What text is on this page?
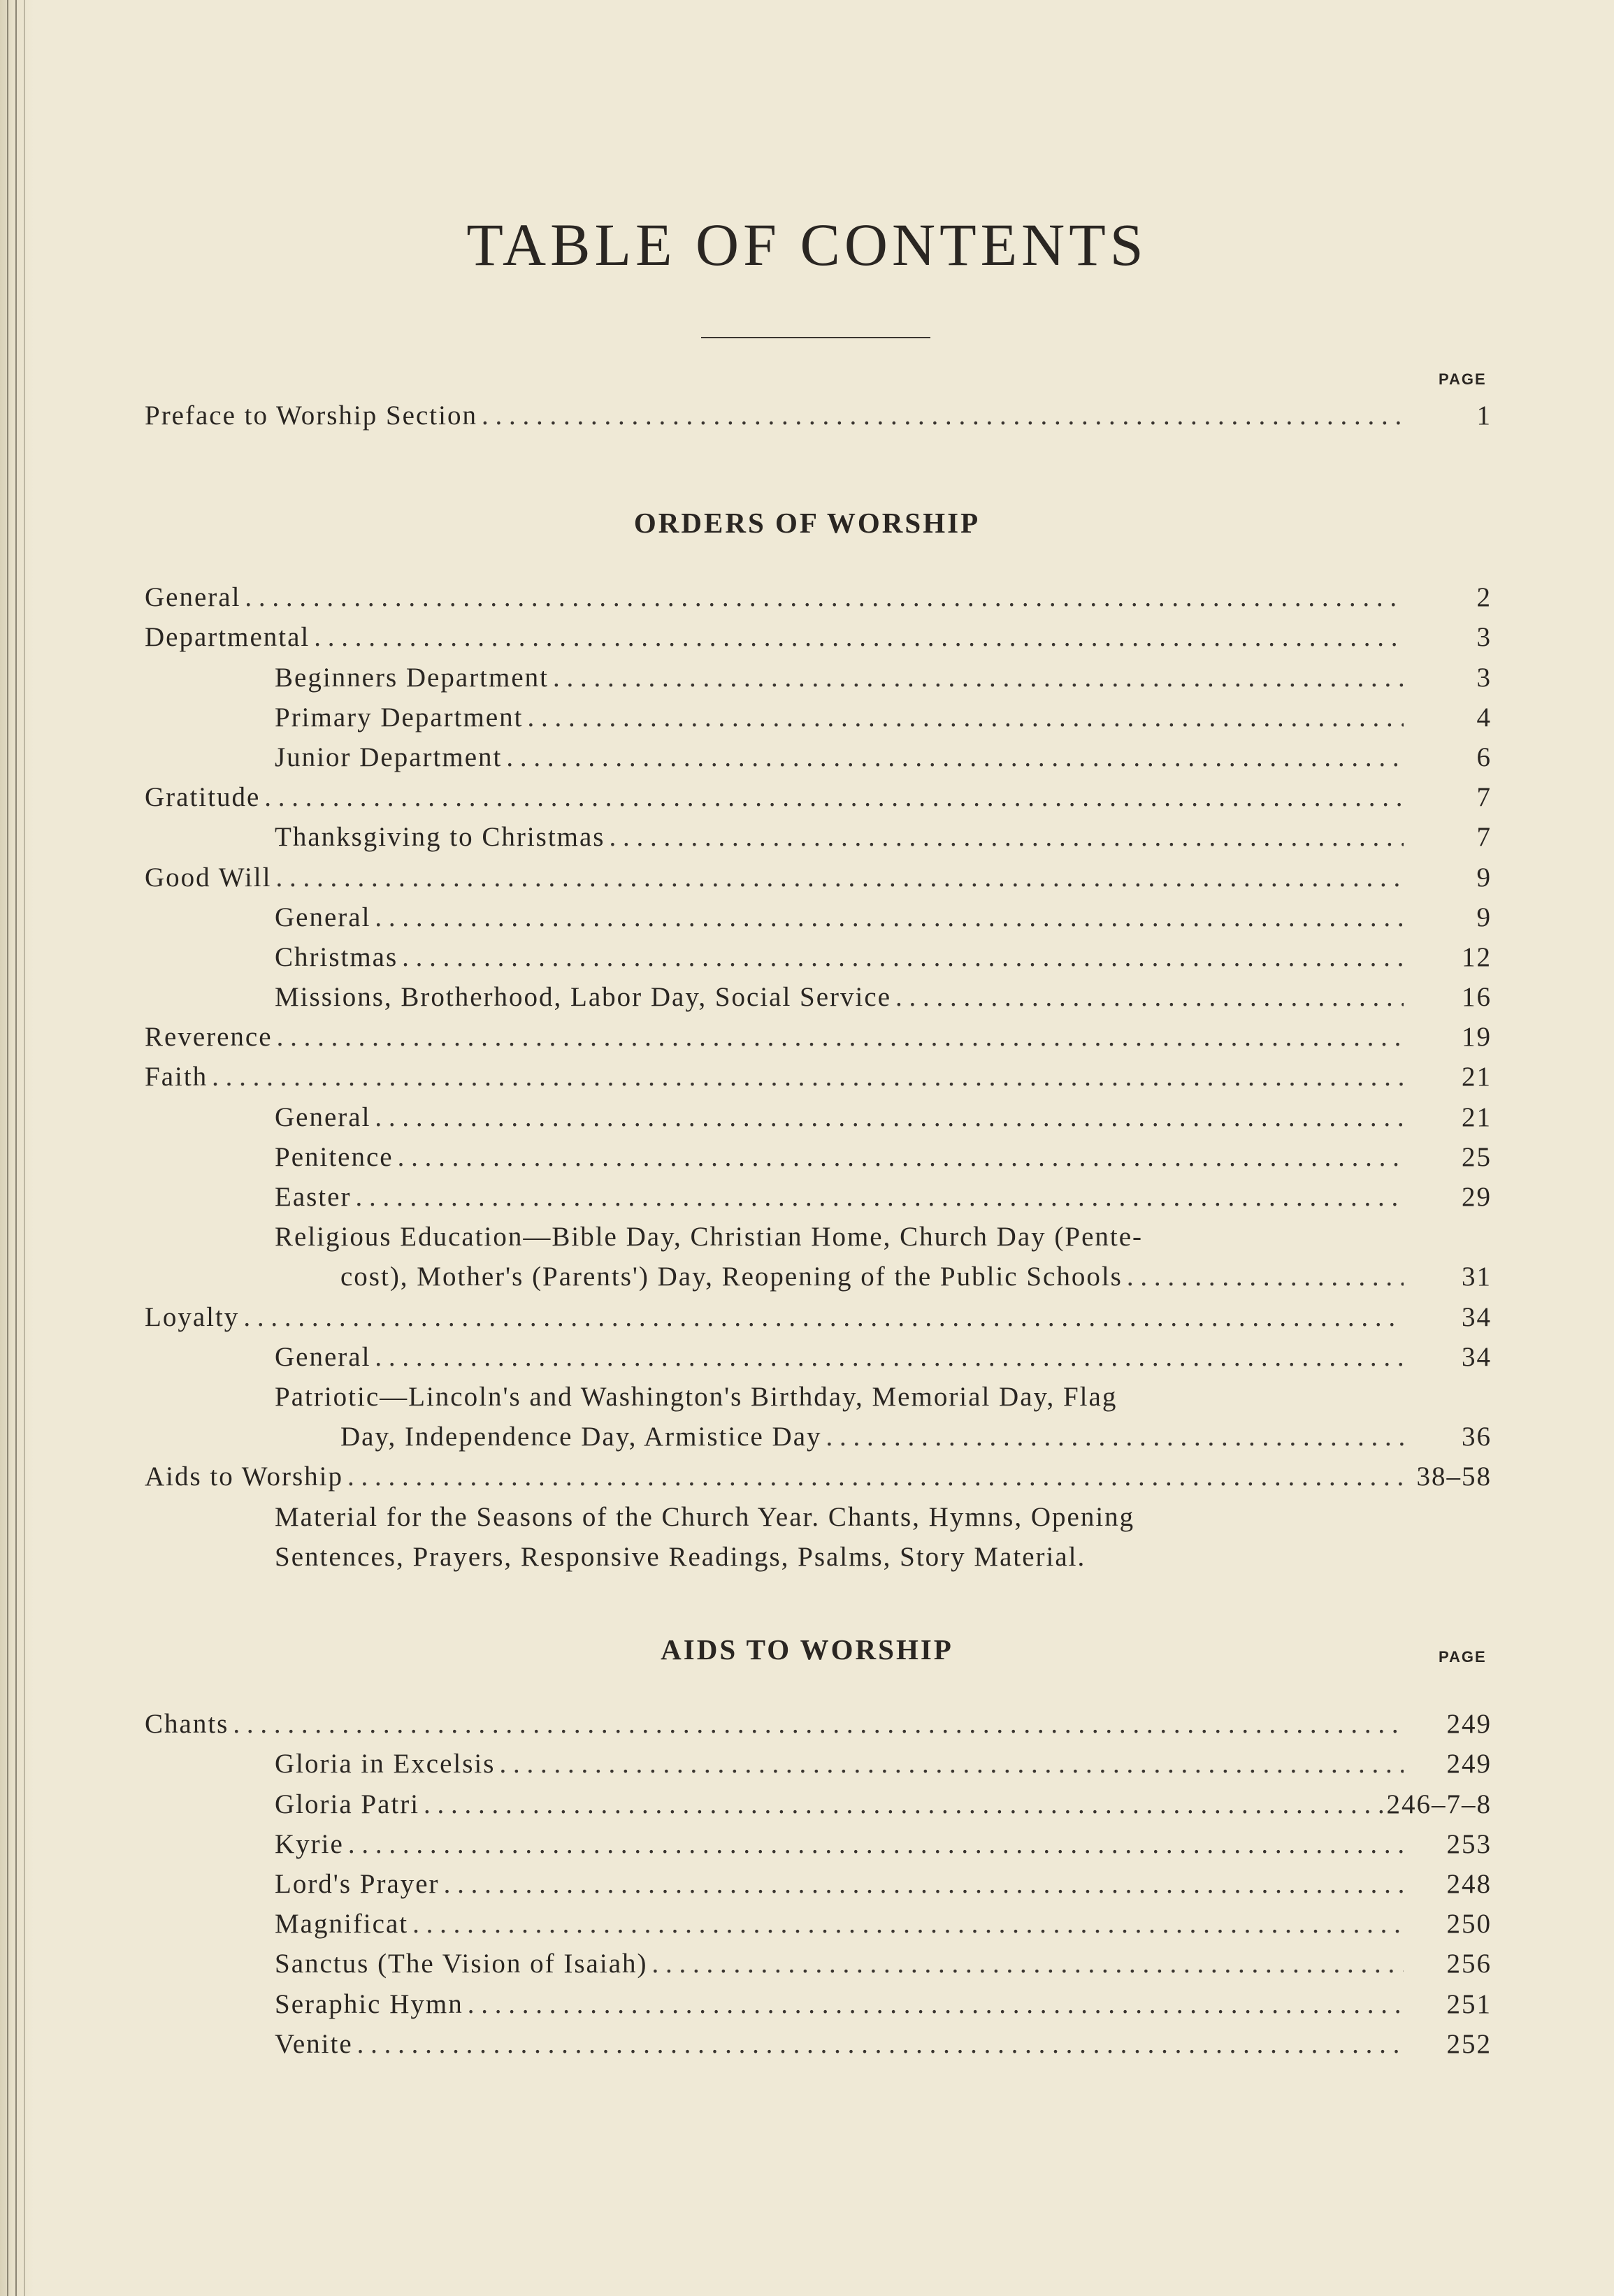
TABLE OF CONTENTS
PAGE
Preface to Worship Section . . .	1
ORDERS OF WORSHIP
General . . .	2
Departmental . . .	3
Beginners Department . . .	3
Primary Department . . .	4
Junior Department . . .	6
Gratitude . . .	7
Thanksgiving to Christmas . . .	7
Good Will . . .	9
General . . .	9
Christmas . . .	12
Missions, Brotherhood, Labor Day, Social Service . . .	16
Reverence . . .	19
Faith . . .	21
General . . .	21
Penitence . . .	25
Easter . . .	29
Religious Education—Bible Day, Christian Home, Church Day (Pente-
cost), Mother's (Parents') Day, Reopening of the Public Schools . . .	31
Loyalty . . .	34
General . . .	34
Patriotic—Lincoln's and Washington's Birthday, Memorial Day, Flag
Day, Independence Day, Armistice Day . . .	36
Aids to Worship . . .	38–58
Material for the Seasons of the Church Year. Chants, Hymns, Opening
Sentences, Prayers, Responsive Readings, Psalms, Story Material.
AIDS TO WORSHIP	PAGE
Chants . . .	249
Gloria in Excelsis . . .	249
Gloria Patri . . .	246–7–8
Kyrie . . .	253
Lord's Prayer . . .	248
Magnificat . . .	250
Sanctus (The Vision of Isaiah) . . .	256
Seraphic Hymn . . .	251
Venite . . .	252
